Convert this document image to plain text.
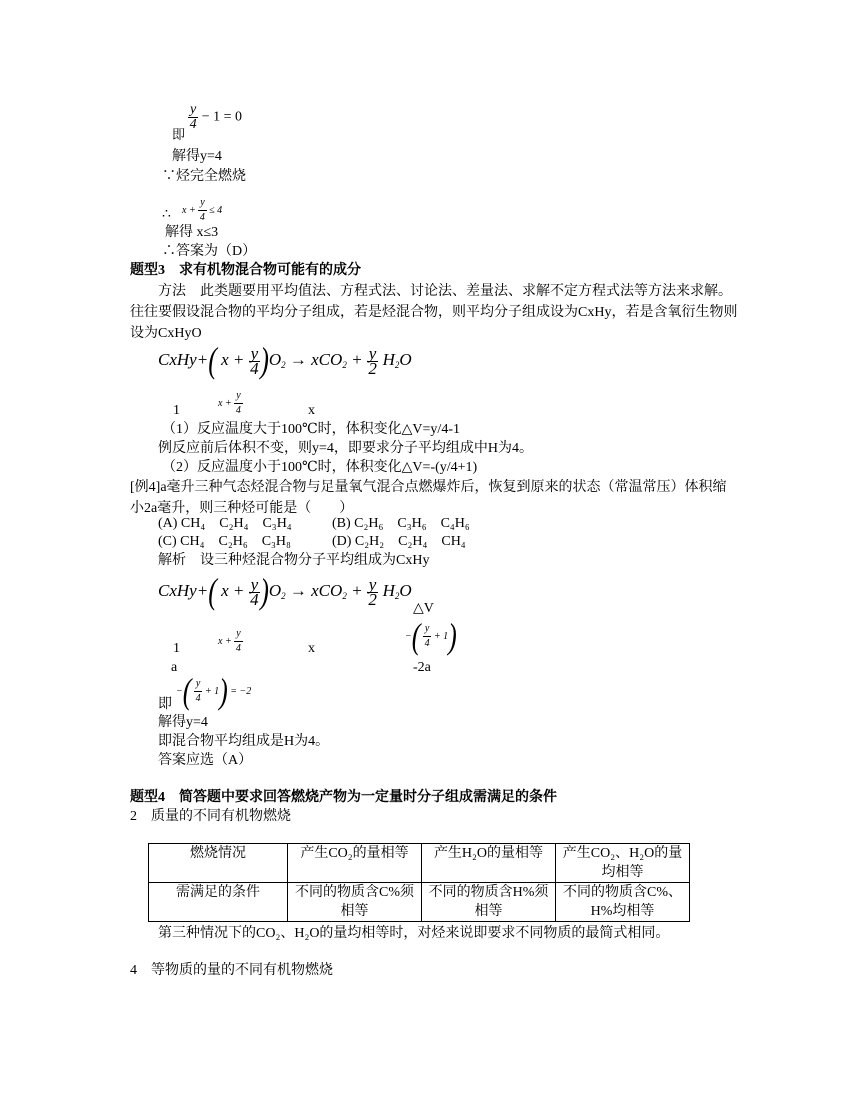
$\frac{y}{4} - 1 = 0$
即
解得y=4
∵烃完全燃烧
$x + \frac{y}{4} \le 4$
∴
解得 x≤3
∴答案为（D）
题型3　求有机物混合物可能有的成分
方法　此类题要用平均值法、方程式法、讨论法、差量法、求解不定方程式法等方法来求解。往往要假设混合物的平均分子组成，若是烃混合物，则平均分子组成设为CxHy，若是含氧衍生物则设为CxHyO
CxHy+( $x + \frac{y}{4} )O_2 \to xCO_2 + \frac{y}{2} H_2O$
$x + \frac{y}{4}$
1	x
（1）反应温度大于100℃时，体积变化△V=y/4-1
例反应前后体积不变，则y=4，即要求分子平均组成中H为4。
（2）反应温度小于100℃时，体积变化△V=-(y/4+1)
[例4]a毫升三种气态烃混合物与足量氧气混合点燃爆炸后，恢复到原来的状态（常温常压）体积缩小2a毫升，则三种烃可能是（　　）
(A) CH₄　C₂H₄　C₃H₄	(B) C₂H₆　C₃H₆　C₄H₆
(C) CH₄　C₂H₆　C₃H₈	(D) C₂H₂　C₂H₄　CH₄
解析　设三种烃混合物分子平均组成为CxHy
CxHy+( $x + \frac{y}{4} )O_2 \to xCO_2 + \frac{y}{2} H_2O$
△V
−( $\frac{y}{4} + 1$)
$x + \frac{y}{4}$
1	x
a	-2a
−( $\frac{y}{4} + 1) = -2$
即
解得y=4
即混合物平均组成是H为4。
答案应选（A）
题型4　简答题中要求回答燃烧产物为一定量时分子组成需满足的条件
2　质量的不同有机物燃烧
燃烧情况	产生CO₂的量相等	产生H₂O的量相等	产生CO₂、H₂O的量均相等
需满足的条件	不同的物质含C%须相等	不同的物质含H%须相等	不同的物质含C%、H%均相等
第三种情况下的CO₂、H₂O的量均相等时，对烃来说即要求不同物质的最简式相同。
4　等物质的量的不同有机物燃烧
